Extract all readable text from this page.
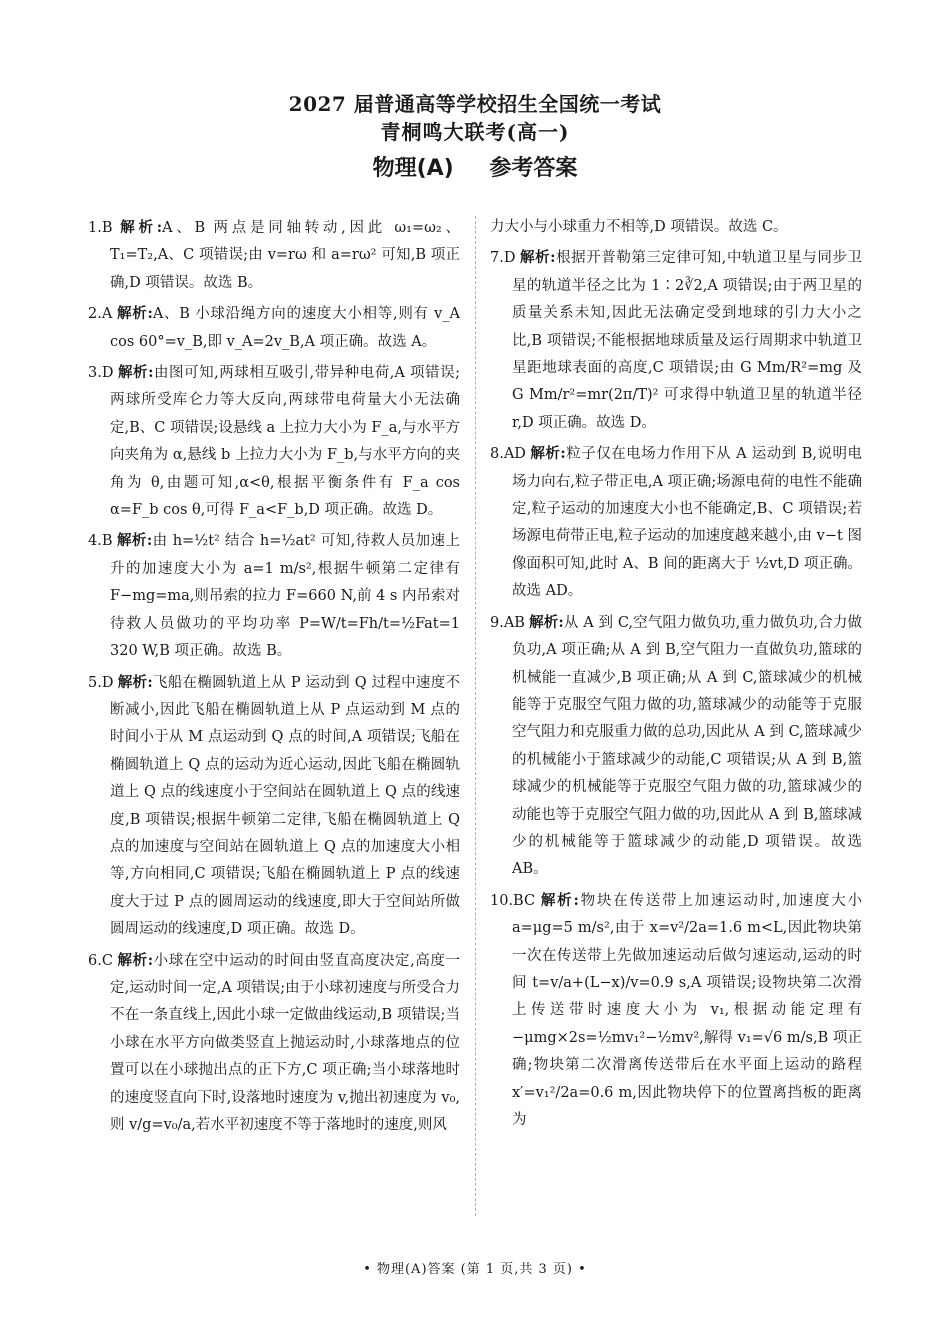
2027 届普通高等学校招生全国统一考试
青桐鸣大联考(高一)
物理(A) 参考答案

1.B 解析:A、B 两点是同轴转动,因此 ω₁=ω₂、T₁=T₂,A、C 项错误;由 v=rω 和 a=rω² 可知,B 项正确,D 项错误。故选 B。

2.A 解析:A、B 小球沿绳方向的速度大小相等,则有 v_A cos 60°=v_B,即 v_A=2v_B,A 项正确。故选 A。

3.D 解析:由图可知,两球相互吸引,带异种电荷,A 项错误;两球所受库仑力等大反向,两球带电荷量大小无法确定,B、C 项错误;设悬线 a 上拉力大小为 F_a,与水平方向夹角为 α,悬线 b 上拉力大小为 F_b,与水平方向的夹角为 θ,由题可知,α<θ,根据平衡条件有 F_a cos α=F_b cos θ,可得 F_a<F_b,D 项正确。故选 D。

4.B 解析:由 h=½t² 结合 h=½at² 可知,待救人员加速上升的加速度大小为 a=1 m/s²,根据牛顿第二定律有 F−mg=ma,则吊索的拉力 F=660 N,前 4 s 内吊索对待救人员做功的平均功率 P=W/t=Fh/t=½Fat=1 320 W,B 项正确。故选 B。

5.D 解析:飞船在椭圆轨道上从 P 运动到 Q 过程中速度不断减小,因此飞船在椭圆轨道上从 P 点运动到 M 点的时间小于从 M 点运动到 Q 点的时间,A 项错误;飞船在椭圆轨道上 Q 点的运动为近心运动,因此飞船在椭圆轨道上 Q 点的线速度小于空间站在圆轨道上 Q 点的线速度,B 项错误;根据牛顿第二定律,飞船在椭圆轨道上 Q 点的加速度与空间站在圆轨道上 Q 点的加速度大小相等,方向相同,C 项错误;飞船在椭圆轨道上 P 点的线速度大于过 P 点的圆周运动的线速度,即大于空间站所做圆周运动的线速度,D 项正确。故选 D。

6.C 解析:小球在空中运动的时间由竖直高度决定,高度一定,运动时间一定,A 项错误;由于小球初速度与所受合力不在一条直线上,因此小球一定做曲线运动,B 项错误;当小球在水平方向做类竖直上抛运动时,小球落地点的位置可以在小球抛出点的正下方,C 项正确;当小球落地时的速度竖直向下时,设落地时速度为 v,抛出初速度为 v₀,则 v/g=v₀/a,若水平初速度不等于落地时的速度,则风

力大小与小球重力不相等,D 项错误。故选 C。

7.D 解析:根据开普勒第三定律可知,中轨道卫星与同步卫星的轨道半径之比为 1∶2∛2,A 项错误;由于两卫星的质量关系未知,因此无法确定受到地球的引力大小之比,B 项错误;不能根据地球质量及运行周期求中轨道卫星距地球表面的高度,C 项错误;由 G Mm/R²=mg 及 G Mm/r²=mr(2π/T)² 可求得中轨道卫星的轨道半径 r,D 项正确。故选 D。

8.AD 解析:粒子仅在电场力作用下从 A 运动到 B,说明电场力向右,粒子带正电,A 项正确;场源电荷的电性不能确定,粒子运动的加速度大小也不能确定,B、C 项错误;若场源电荷带正电,粒子运动的加速度越来越小,由 v−t 图像面积可知,此时 A、B 间的距离大于 ½vt,D 项正确。故选 AD。

9.AB 解析:从 A 到 C,空气阻力做负功,重力做负功,合力做负功,A 项正确;从 A 到 B,空气阻力一直做负功,篮球的机械能一直减少,B 项正确;从 A 到 C,篮球减少的机械能等于克服空气阻力做的功,篮球减少的动能等于克服空气阻力和克服重力做的总功,因此从 A 到 C,篮球减少的机械能小于篮球减少的动能,C 项错误;从 A 到 B,篮球减少的机械能等于克服空气阻力做的功,篮球减少的动能也等于克服空气阻力做的功,因此从 A 到 B,篮球减少的机械能等于篮球减少的动能,D 项错误。故选 AB。

10.BC 解析:物块在传送带上加速运动时,加速度大小 a=μg=5 m/s²,由于 x=v²/2a=1.6 m<L,因此物块第一次在传送带上先做加速运动后做匀速运动,运动的时间 t=v/a+(L−x)/v=0.9 s,A 项错误;设物块第二次滑上传送带时速度大小为 v₁,根据动能定理有 −μmg×2s=½mv₁²−½mv²,解得 v₁=√6 m/s,B 项正确;物块第二次滑离传送带后在水平面上运动的路程 x′=v₁²/2a=0.6 m,因此物块停下的位置离挡板的距离为

• 物理(A)答案 (第 1 页,共 3 页) •
